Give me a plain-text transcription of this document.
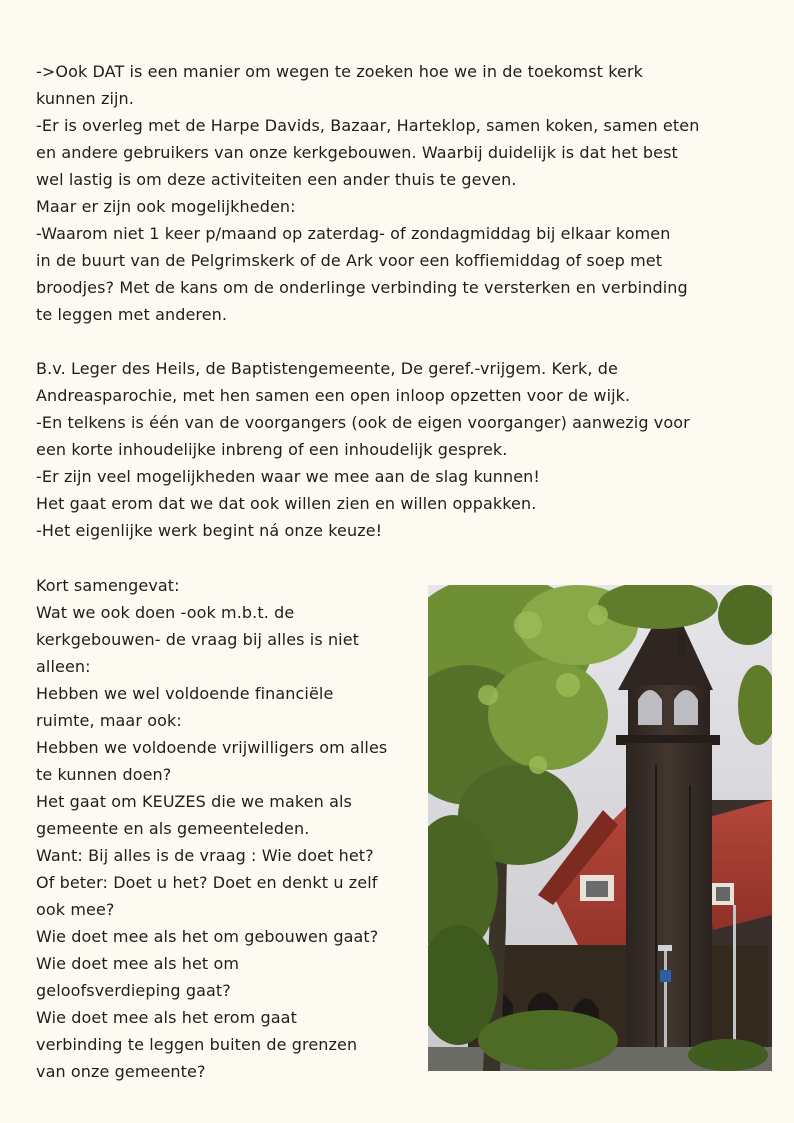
->Ook DAT is een manier om wegen te zoeken hoe we in de toekomst kerk
kunnen zijn.
-Er is overleg met de Harpe Davids, Bazaar, Harteklop, samen koken, samen eten
en andere gebruikers van onze kerkgebouwen. Waarbij duidelijk is dat het best
wel lastig is om deze activiteiten een ander thuis te geven.
Maar er zijn ook mogelijkheden:
-Waarom niet 1 keer p/maand op zaterdag- of zondagmiddag bij elkaar komen
in de buurt van de Pelgrimskerk of de Ark voor een koffiemiddag of soep met
broodjes? Met de kans om de onderlinge verbinding te versterken en verbinding
te leggen met anderen.
B.v. Leger des Heils, de Baptistengemeente, De geref.-vrijgem. Kerk, de
Andreasparochie, met hen samen een open inloop opzetten voor de wijk.
-En telkens is één van de voorgangers (ook de eigen voorganger) aanwezig voor
een korte inhoudelijke inbreng of een inhoudelijk gesprek.
-Er zijn veel mogelijkheden waar we mee aan de slag kunnen!
Het gaat erom dat we dat ook willen zien en willen oppakken.
-Het eigenlijke werk begint ná onze keuze!
Kort samengevat:
Wat we ook doen -ook m.b.t. de
kerkgebouwen- de vraag bij alles is niet
alleen:
Hebben we wel voldoende financiële
ruimte, maar ook:
Hebben we voldoende vrijwilligers om alles
te kunnen doen?
Het gaat om KEUZES die we maken als
gemeente en als gemeenteleden.
Want: Bij alles is de vraag : Wie doet het?
Of beter: Doet u het? Doet en denkt u zelf
ook mee?
Wie doet mee als het om gebouwen gaat?
Wie doet mee als het om
geloofsverdieping gaat?
Wie doet mee als het erom gaat
verbinding te leggen buiten de grenzen
van onze gemeente?
